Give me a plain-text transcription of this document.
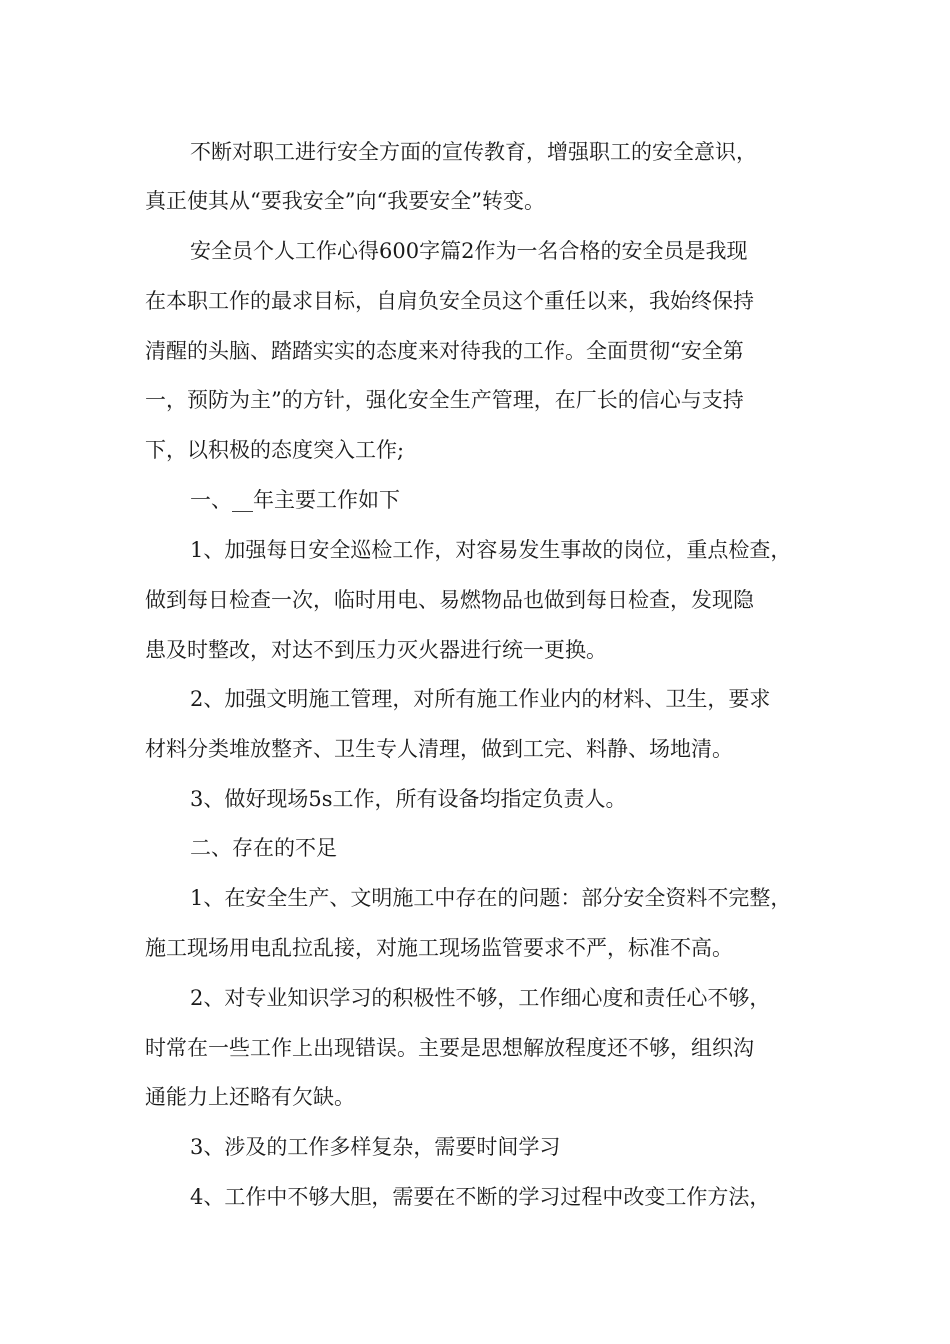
不断对职工进行安全方面的宣传教育，增强职工的安全意识，
真正使其从“要我安全”向“我要安全”转变。
安全员个人工作心得600字篇2作为一名合格的安全员是我现
在本职工作的最求目标，自肩负安全员这个重任以来，我始终保持
清醒的头脑、踏踏实实的态度来对待我的工作。全面贯彻“安全第
一，预防为主”的方针，强化安全生产管理，在厂长的信心与支持
下，以积极的态度突入工作;
一、__年主要工作如下
1、加强每日安全巡检工作，对容易发生事故的岗位，重点检查，
做到每日检查一次，临时用电、易燃物品也做到每日检查，发现隐
患及时整改，对达不到压力灭火器进行统一更换。
2、加强文明施工管理，对所有施工作业内的材料、卫生，要求
材料分类堆放整齐、卫生专人清理，做到工完、料静、场地清。
3、做好现场5s工作，所有设备均指定负责人。
二、存在的不足
1、在安全生产、文明施工中存在的问题：部分安全资料不完整，
施工现场用电乱拉乱接，对施工现场监管要求不严，标准不高。
2、对专业知识学习的积极性不够，工作细心度和责任心不够，
时常在一些工作上出现错误。主要是思想解放程度还不够，组织沟
通能力上还略有欠缺。
3、涉及的工作多样复杂，需要时间学习
4、工作中不够大胆，需要在不断的学习过程中改变工作方法，
